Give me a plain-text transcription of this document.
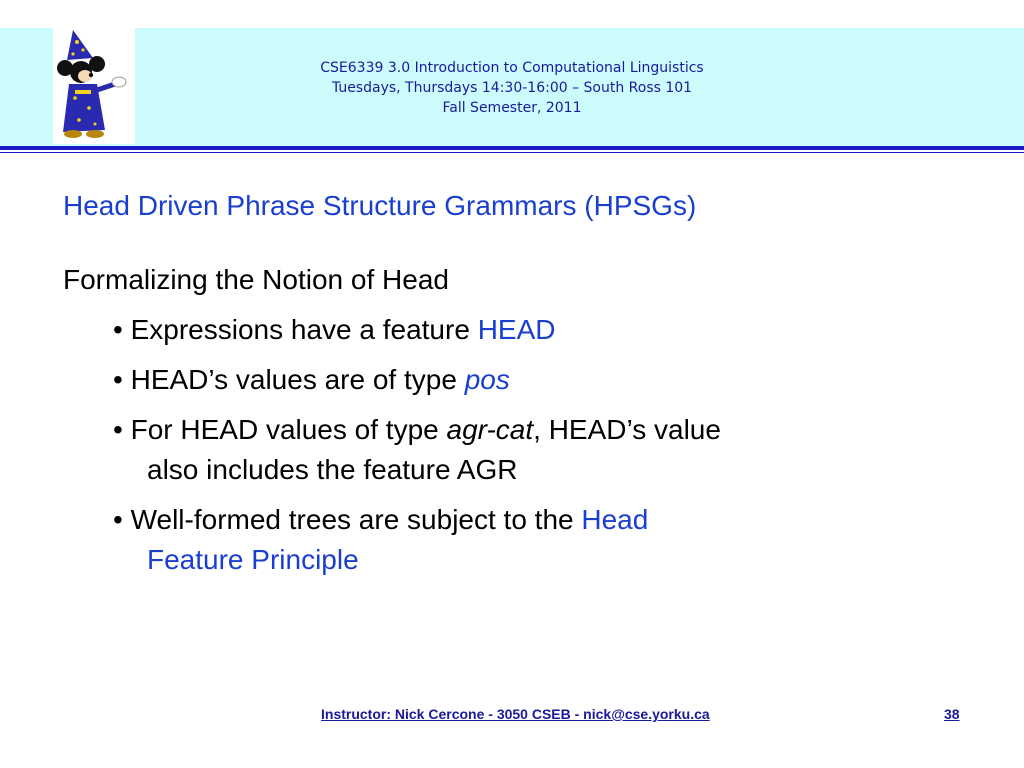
CSE6339 3.0 Introduction to Computational Linguistics
Tuesdays, Thursdays 14:30-16:00 – South Ross 101
Fall Semester, 2011
Head Driven Phrase Structure Grammars (HPSGs)
Formalizing the Notion of Head
• Expressions have a feature HEAD
• HEAD’s values are of type pos
• For HEAD values of type agr-cat, HEAD’s value
also includes the feature AGR
• Well-formed trees are subject to the Head
Feature Principle
Instructor: Nick Cercone - 3050 CSEB - nick@cse.yorku.ca	38
